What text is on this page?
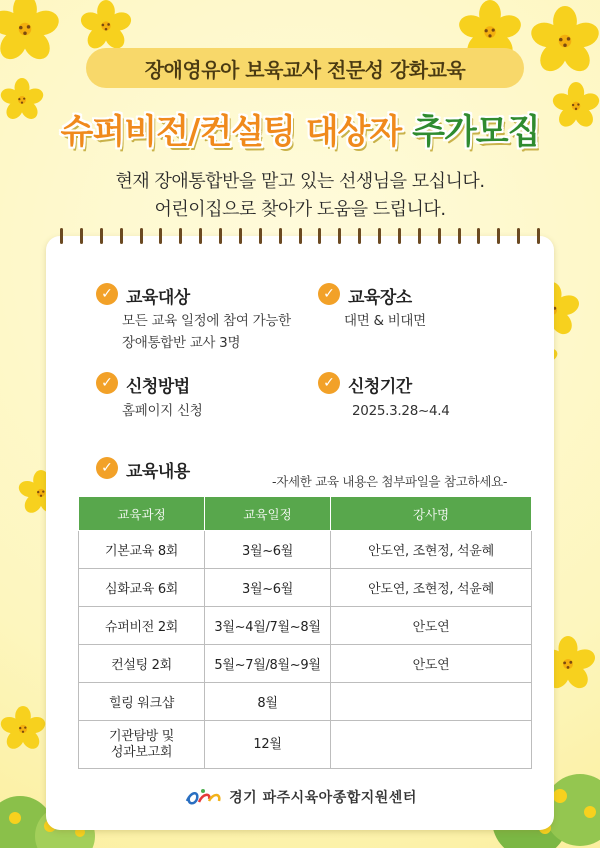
장애영유아 보육교사 전문성 강화교육
슈퍼비전/컨설팅 대상자 추가모집
현재 장애통합반을 맡고 있는 선생님을 모십니다.
어린이집으로 찾아가 도움을 드립니다.
✓ 교육대상
모든 교육 일정에 참여 가능한
장애통합반 교사 3명
✓ 교육장소
대면 & 비대면
✓ 신청방법
홈페이지 신청
✓ 신청기간
2025.3.28~4.4
✓ 교육내용	-자세한 교육 내용은 첨부파일을 참고하세요-
교육과정	교육일정	강사명
기본교육 8회	3월~6월	안도연, 조현정, 석윤혜
심화교육 6회	3월~6월	안도연, 조현정, 석윤혜
슈퍼비전 2회	3월~4월/7월~8월	안도연
컨설팅 2회	5월~7월/8월~9월	안도연
힐링 워크샵	8월	

기관탐방 및
성과보고회	12월	
경기 파주시육아종합지원센터
